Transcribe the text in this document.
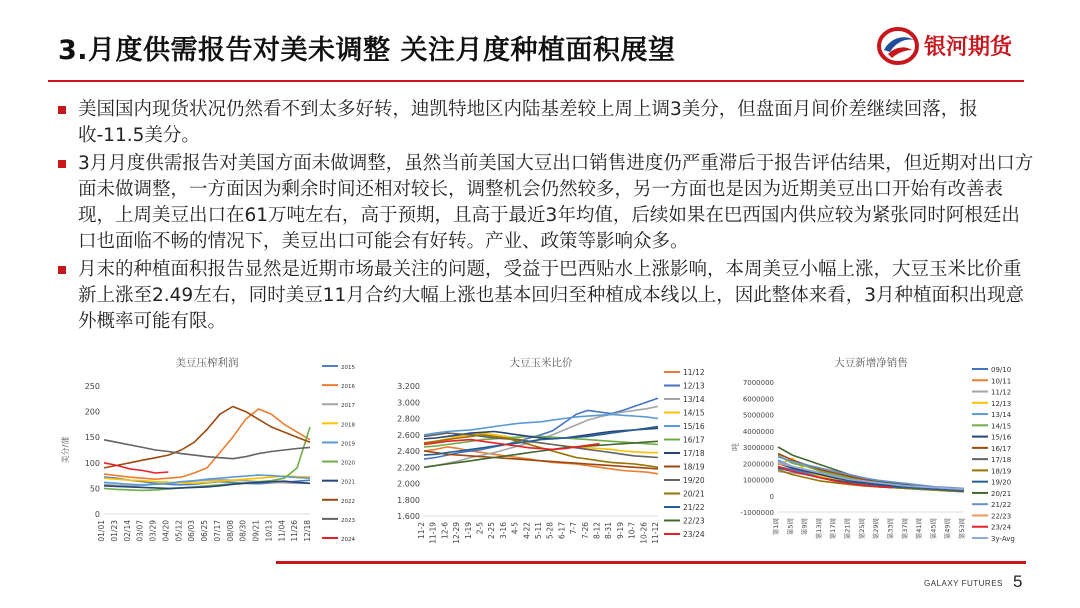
3.月度供需报告对美未调整 关注月度种植面积展望	银河期货
美国国内现货状况仍然看不到太多好转，迪凯特地区内陆基差较上周上调3美分，但盘面月间价差继续回落，报收-11.5美分。
3月月度供需报告对美国方面未做调整，虽然当前美国大豆出口销售进度仍严重滞后于报告评估结果，但近期对出口方面未做调整，一方面因为剩余时间还相对较长，调整机会仍然较多，另一方面也是因为近期美豆出口开始有改善表现，上周美豆出口在61万吨左右，高于预期，且高于最近3年均值，后续如果在巴西国内供应较为紧张同时阿根廷出口也面临不畅的情况下，美豆出口可能会有好转。产业、政策等影响众多。
月末的种植面积报告显然是近期市场最关注的问题，受益于巴西贴水上涨影响，本周美豆小幅上涨，大豆玉米比价重新上涨至2.49左右，同时美豆11月合约大幅上涨也基本回归至种植成本线以上，因此整体来看，3月种植面积出现意外概率可能有限。
美豆压榨利润
美分/蒲
250
200
150
100
50
0
01/01 01/23 02/14 03/07 03/29 04/20 05/12 06/03 06/25 07/17 08/08 08/30 09/21 10/13 11/04 11/26 12/18
2015
2016
2017
2018
2019
2020
2021
2022
2023
2024
大豆玉米比价
3.200
3.000
2.800
2.600
2.400
2.200
2.000
1.800
1.600
11-2 11-19 12-6 12-29 1-19 2-5 2-25 3-16 4-5 4-22 5-11 5-28 6-17 7-7 7-26 8-12 8-31 9-19 10-7 10-26 11-12
11/12
12/13
13/14
14/15
15/16
16/17
17/18
18/19
19/20
20/21
21/22
22/23
23/24
大豆新增净销售
吨
7000000
6000000
5000000
4000000
3000000
2000000
1000000
0
-1000000
第1周 第5周 第9周 第13周 第17周 第21周 第25周 第29周 第33周 第37周 第41周 第45周 第49周 第53周
09/10
10/11
11/12
12/13
13/14
14/15
15/16
16/17
17/18
18/19
19/20
20/21
21/22
22/23
23/24
3y-Avg
GALAXY FUTURES 5
